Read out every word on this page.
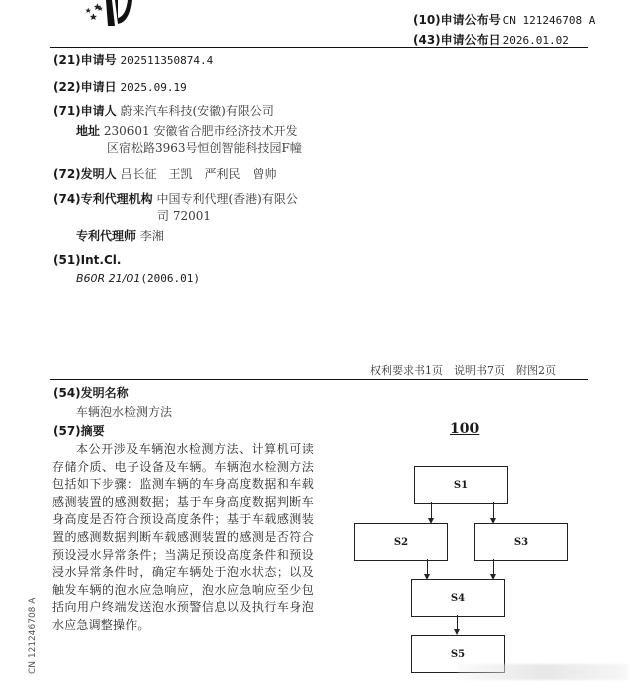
(10)申请公布号 CN 121246708 A
(43)申请公布日 2026.01.02
(21)申请号 202511350874.4
(22)申请日 2025.09.19
(71)申请人 蔚来汽车科技(安徽)有限公司
地址 230601 安徽省合肥市经济技术开发
区宿松路3963号恒创智能科技园F幢
(72)发明人 吕长征　王凯　严利民　曾帅
(74)专利代理机构 中国专利代理(香港)有限公
司 72001
专利代理师 李湘
(51)Int.Cl.
B60R 21/01(2006.01)
权利要求书1页　说明书7页　附图2页
(54)发明名称
车辆泡水检测方法
(57)摘要
本公开涉及车辆泡水检测方法、计算机可读存储介质、电子设备及车辆。车辆泡水检测方法包括如下步骤：监测车辆的车身高度数据和车载感测装置的感测数据；基于车身高度数据判断车身高度是否符合预设高度条件；基于车载感测装置的感测数据判断车载感测装置的感测是否符合预设浸水异常条件；当满足预设高度条件和预设浸水异常条件时，确定车辆处于泡水状态；以及触发车辆的泡水应急响应，泡水应急响应至少包括向用户终端发送泡水预警信息以及执行车身泡水应急调整操作。
100
S1
S2	S3
S4
S5
CN 121246708 A
